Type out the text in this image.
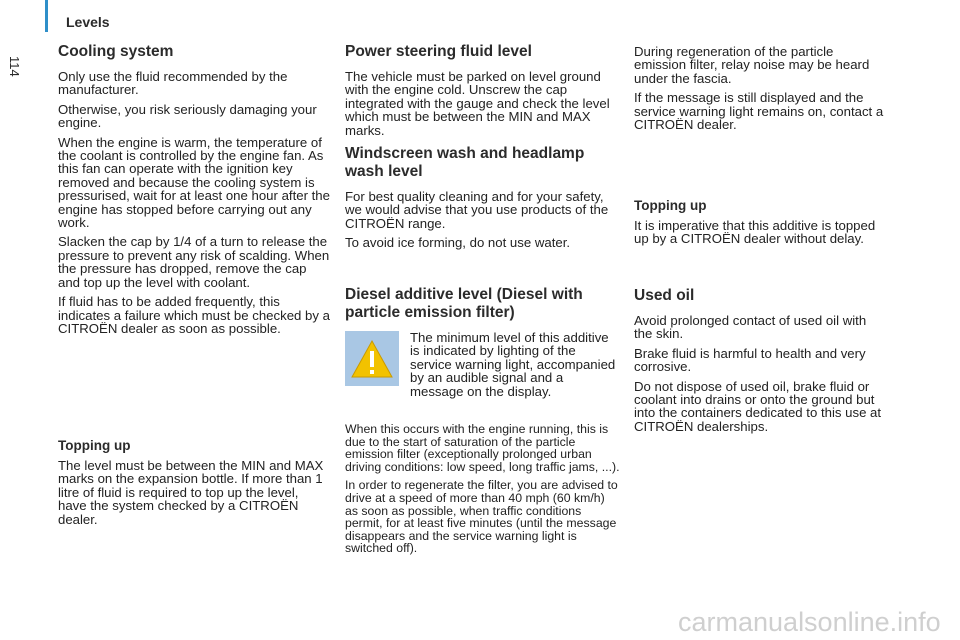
Levels
114
Cooling system

Only use the fluid recommended by the manufacturer.

Otherwise, you risk seriously damaging your engine.

When the engine is warm, the temperature of the coolant is controlled by the engine fan. As this fan can operate with the ignition key removed and because the cooling system is pressurised, wait for at least one hour after the engine has stopped before carrying out any work.

Slacken the cap by 1/4 of a turn to release the pressure to prevent any risk of scalding. When the pressure has dropped, remove the cap and top up the level with coolant.

If fluid has to be added frequently, this indicates a failure which must be checked by a CITROËN dealer as soon as possible.

Topping up

The level must be between the MIN and MAX marks on the expansion bottle. If more than 1 litre of fluid is required to top up the level, have the system checked by a CITROËN dealer.

Power steering fluid level

The vehicle must be parked on level ground with the engine cold. Unscrew the cap integrated with the gauge and check the level which must be between the MIN and MAX marks.

Windscreen wash and headlamp wash level

For best quality cleaning and for your safety, we would advise that you use products of the CITROËN range.

To avoid ice forming, do not use water.

Diesel additive level (Diesel with particle emission filter)

The minimum level of this additive is indicated by lighting of the service warning light, accompanied by an audible signal and a message on the display.

When this occurs with the engine running, this is due to the start of saturation of the particle emission filter (exceptionally prolonged urban driving conditions: low speed, long traffic jams, ...).

In order to regenerate the filter, you are advised to drive at a speed of more than 40 mph (60 km/h) as soon as possible, when traffic conditions permit, for at least five minutes (until the message disappears and the service warning light is switched off).

During regeneration of the particle emission filter, relay noise may be heard under the fascia.

If the message is still displayed and the service warning light remains on, contact a CITROËN dealer.

Topping up

It is imperative that this additive is topped up by a CITROËN dealer without delay.

Used oil

Avoid prolonged contact of used oil with the skin.

Brake fluid is harmful to health and very corrosive.

Do not dispose of used oil, brake fluid or coolant into drains or onto the ground but into the containers dedicated to this use at CITROËN dealerships.

carmanualsonline.info
